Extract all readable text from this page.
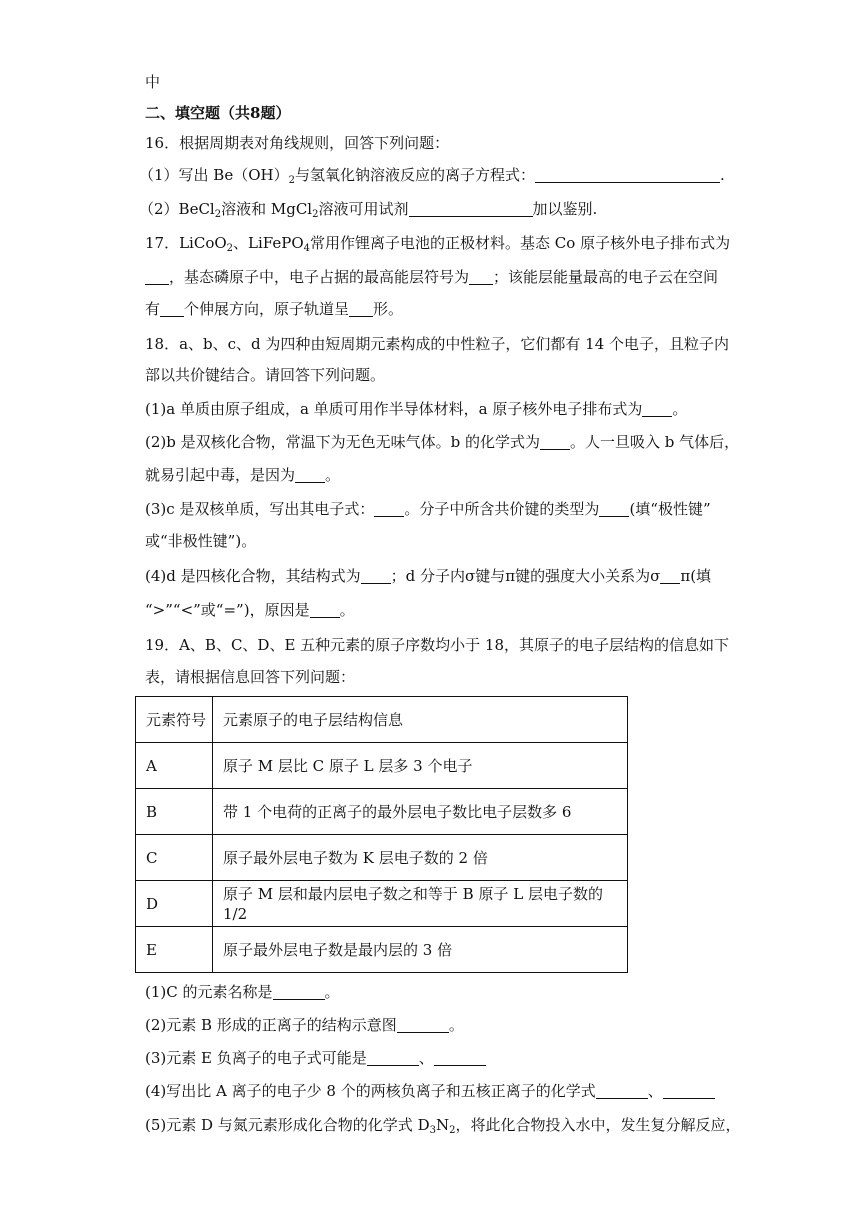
中
二、填空题（共8题）
16．根据周期表对角线规则，回答下列问题：
（1）写出 $Be(OH)_2$与氢氧化钠溶液反应的离子方程式：	.
（2）BeCl$_2$溶液和 MgCl$_2$溶液可用试剂	加以鉴别.
17．LiCoO$_2$、LiFePO$_4$常用作锂离子电池的正极材料。基态 Co 原子核外电子排布式为
，基态磷原子中，电子占据的最高能层符号为 ；该能层能量最高的电子云在空间
有 个伸展方向，原子轨道呈 形。
18．a、b、c、d 为四种由短周期元素构成的中性粒子，它们都有 14 个电子，且粒子内
部以共价键结合。请回答下列问题。
(1)a 单质由原子组成，a 单质可用作半导体材料，a 原子核外电子排布式为 。
(2)b 是双核化合物，常温下为无色无味气体。b 的化学式为 。人一旦吸入 b 气体后，
就易引起中毒，是因为 。
(3)c 是双核单质，写出其电子式： 。分子中所含共价键的类型为 (填“极性键”
或“非极性键”)。
(4)d 是四核化合物，其结构式为 ；d 分子内σ键与π键的强度大小关系为σ π(填
“>”“<”或“=”)，原因是 。
19．A、B、C、D、E 五种元素的原子序数均小于 18，其原子的电子层结构的信息如下
表，请根据信息回答下列问题：
元素符号	元素原子的电子层结构信息
A	原子 M 层比 C 原子 L 层多 3 个电子
B	带 1 个电荷的正离子的最外层电子数比电子层数多 6
C	原子最外层电子数为 K 层电子数的 2 倍
D	原子 M 层和最内层电子数之和等于 B 原子 L 层电子数的 1/2
E	原子最外层电子数是最内层的 3 倍
(1)C 的元素名称是	。
(2)元素 B 形成的正离子的结构示意图	。
(3)元素 E 负离子的电子式可能是	、
(4)写出比 A 离子的电子少 8 个的两核负离子和五核正离子的化学式	、
(5)元素 D 与氮元素形成化合物的化学式 $D_3N_2$，将此化合物投入水中，发生复分解反应，
